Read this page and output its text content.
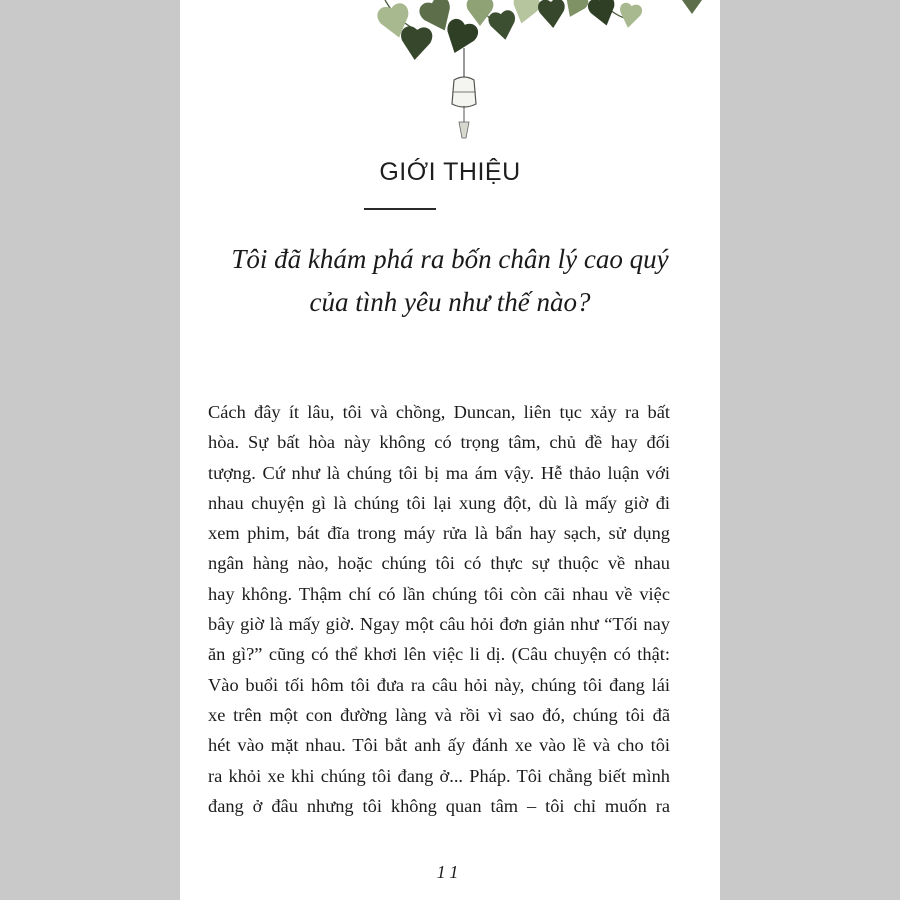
GIỚI THIỆU
Tôi đã khám phá ra bốn chân lý cao quý
của tình yêu như thế nào?

Cách đây ít lâu, tôi và chồng, Duncan, liên tục xảy ra bất
hòa. Sự bất hòa này không có trọng tâm, chủ đề hay đối
tượng. Cứ như là chúng tôi bị ma ám vậy. Hễ thảo luận với
nhau chuyện gì là chúng tôi lại xung đột, dù là mấy giờ đi
xem phim, bát đĩa trong máy rửa là bẩn hay sạch, sử dụng
ngân hàng nào, hoặc chúng tôi có thực sự thuộc về nhau
hay không. Thậm chí có lần chúng tôi còn cãi nhau về việc
bây giờ là mấy giờ. Ngay một câu hỏi đơn giản như “Tối nay
ăn gì?” cũng có thể khơi lên việc li dị. (Câu chuyện có thật:
Vào buổi tối hôm tôi đưa ra câu hỏi này, chúng tôi đang lái
xe trên một con đường làng và rồi vì sao đó, chúng tôi đã
hét vào mặt nhau. Tôi bắt anh ấy đánh xe vào lề và cho tôi
ra khỏi xe khi chúng tôi đang ở... Pháp. Tôi chẳng biết mình
đang ở đâu nhưng tôi không quan tâm – tôi chỉ muốn ra

11
